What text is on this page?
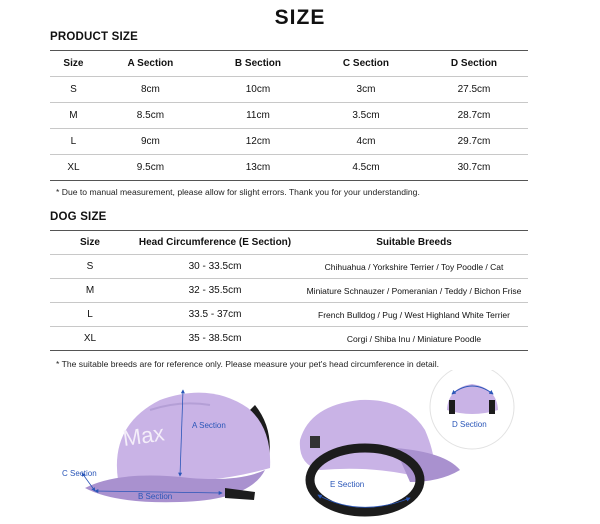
SIZE
PRODUCT SIZE
Size	A Section	B Section	C Section	D Section
S	8cm	10cm	3cm	27.5cm
M	8.5cm	11cm	3.5cm	28.7cm
L	9cm	12cm	4cm	29.7cm
XL	9.5cm	13cm	4.5cm	30.7cm
* Due to manual measurement, please allow for slight errors. Thank you for your understanding.
DOG SIZE
Size	Head Circumference (E Section)	Suitable Breeds
S	30 - 33.5cm	Chihuahua / Yorkshire Terrier / Toy Poodle / Cat
M	32 - 35.5cm	Miniature Schnauzer / Pomeranian / Teddy / Bichon Frise
L	33.5 - 37cm	French Bulldog / Pug / West Highland White Terrier
XL	35 - 38.5cm	Corgi / Shiba Inu / Miniature Poodle
* The suitable breeds are for reference only. Please measure your pet's head circumference in detail.
Max	A Section
B Section
C Section
E Section
D Section
